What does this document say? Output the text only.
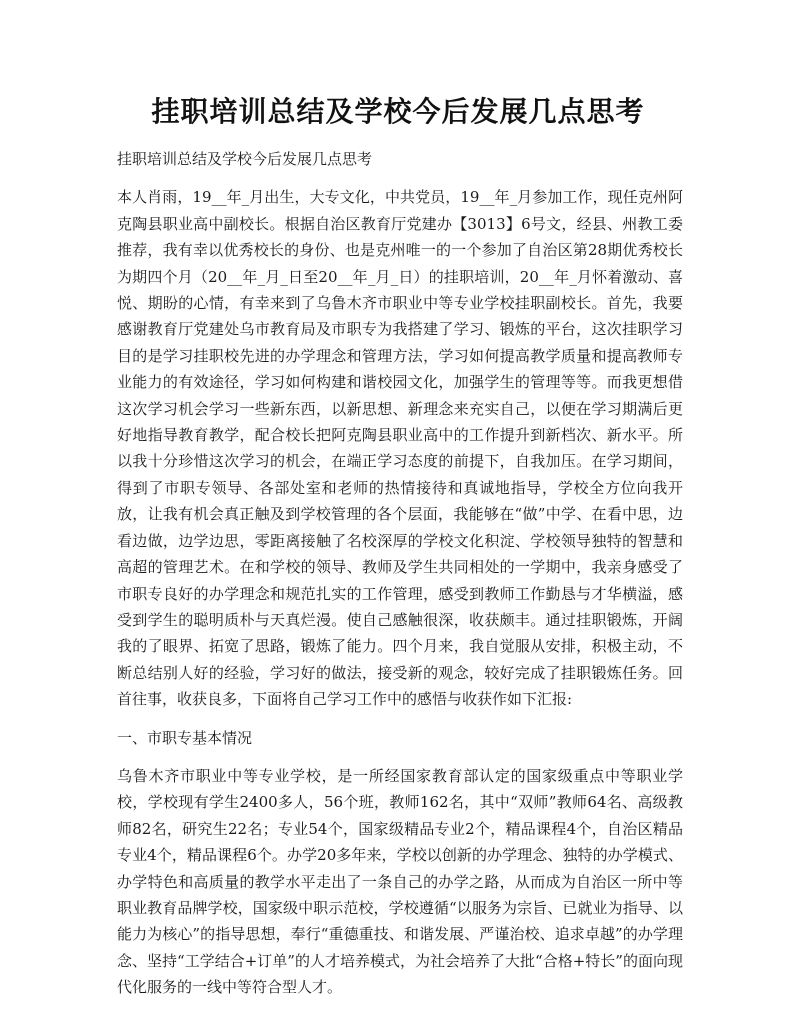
挂职培训总结及学校今后发展几点思考

挂职培训总结及学校今后发展几点思考

本人肖雨，19__年_月出生，大专文化，中共党员，19__年_月参加工作，现任克州阿克陶县职业高中副校长。根据自治区教育厅党建办【3013】6号文，经县、州教工委推荐，我有幸以优秀校长的身份、也是克州唯一的一个参加了自治区第28期优秀校长为期四个月（20__年_月_日至20__年_月_日）的挂职培训，20__年_月怀着激动、喜悦、期盼的心情，有幸来到了乌鲁木齐市职业中等专业学校挂职副校长。首先，我要感谢教育厅党建处乌市教育局及市职专为我搭建了学习、锻炼的平台，这次挂职学习目的是学习挂职校先进的办学理念和管理方法，学习如何提高教学质量和提高教师专业能力的有效途径，学习如何构建和谐校园文化，加强学生的管理等等。而我更想借这次学习机会学习一些新东西，以新思想、新理念来充实自己，以便在学习期满后更好地指导教育教学，配合校长把阿克陶县职业高中的工作提升到新档次、新水平。所以我十分珍惜这次学习的机会，在端正学习态度的前提下，自我加压。在学习期间，得到了市职专领导、各部处室和老师的热情接待和真诚地指导，学校全方位向我开放，让我有机会真正触及到学校管理的各个层面，我能够在“做”中学、在看中思，边看边做，边学边思，零距离接触了名校深厚的学校文化积淀、学校领导独特的智慧和高超的管理艺术。在和学校的领导、教师及学生共同相处的一学期中，我亲身感受了市职专良好的办学理念和规范扎实的工作管理，感受到教师工作勤恳与才华横溢，感受到学生的聪明质朴与天真烂漫。使自己感触很深，收获颇丰。通过挂职锻炼，开阔我的了眼界、拓宽了思路，锻炼了能力。四个月来，我自觉服从安排，积极主动，不断总结别人好的经验，学习好的做法，接受新的观念，较好完成了挂职锻炼任务。回首往事，收获良多，下面将自己学习工作中的感悟与收获作如下汇报:

一、市职专基本情况

乌鲁木齐市职业中等专业学校，是一所经国家教育部认定的国家级重点中等职业学校，学校现有学生2400多人，56个班，教师162名，其中“双师”教师64名、高级教师82名，研究生22名；专业54个，国家级精品专业2个，精品课程4个，自治区精品专业4个，精品课程6个。办学20多年来，学校以创新的办学理念、独特的办学模式、办学特色和高质量的教学水平走出了一条自己的办学之路，从而成为自治区一所中等职业教育品牌学校，国家级中职示范校，学校遵循“以服务为宗旨、已就业为指导、以能力为核心”的指导思想，奉行“重德重技、和谐发展、严谨治校、追求卓越”的办学理念、坚持“工学结合+订单”的人才培养模式，为社会培养了大批“合格+特长”的面向现代化服务的一线中等符合型人才。
